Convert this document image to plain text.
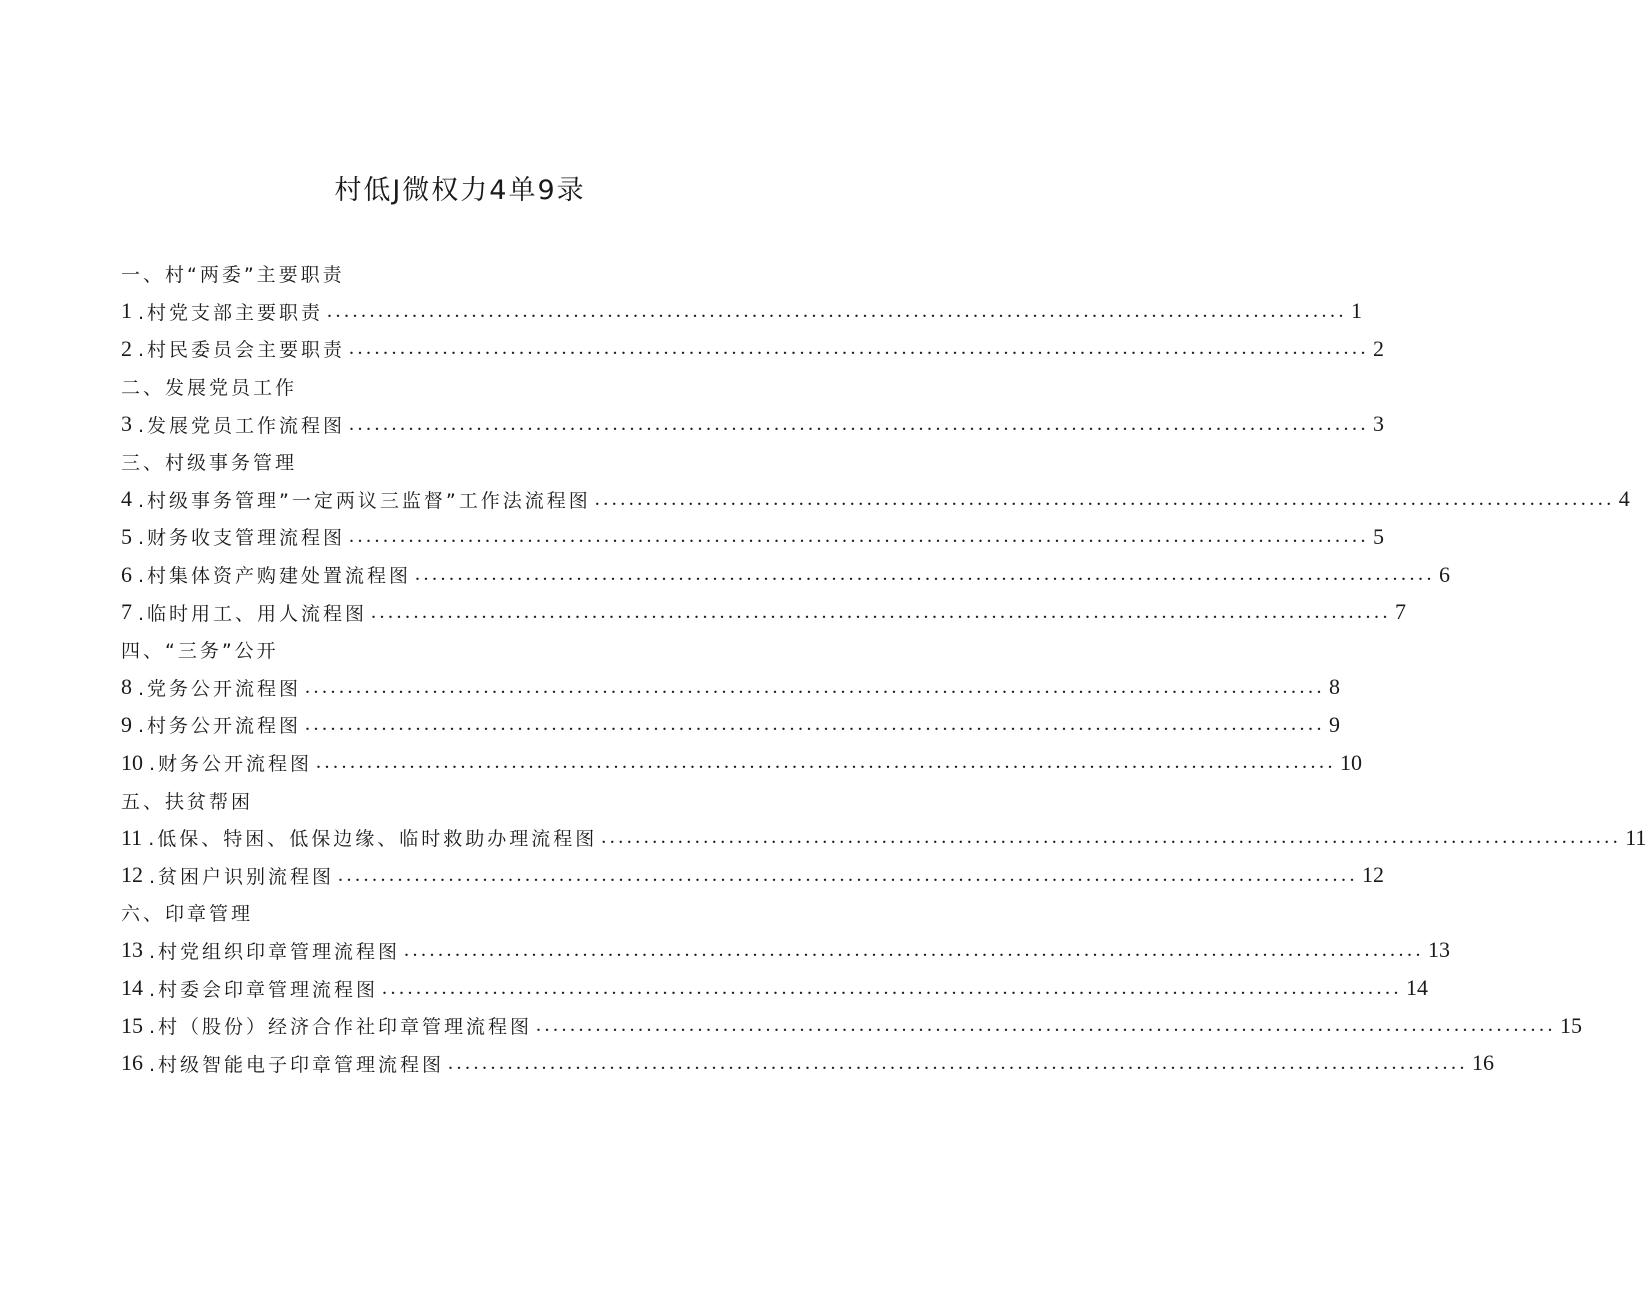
村低J微权力4单9录
一、村“两委”主要职责
1 .村党支部主要职责 ........................................................................................................................ 1
2 .村民委员会主要职责 ........................................................................................................................ 2
二、发展党员工作
3 .发展党员工作流程图 ........................................................................................................................ 3
三、村级事务管理
4 .村级事务管理”一定两议三监督”工作法流程图 ........................................................................................................................ 4
5 .财务收支管理流程图 ........................................................................................................................ 5
6 .村集体资产购建处置流程图 ........................................................................................................................ 6
7 .临时用工、用人流程图 ........................................................................................................................ 7
四、“三务”公开
8 .党务公开流程图 ........................................................................................................................ 8
9 .村务公开流程图 ........................................................................................................................ 9
10 .财务公开流程图 ........................................................................................................................ 10
五、扶贫帮困
11 .低保、特困、低保边缘、临时救助办理流程图 ........................................................................................................................ 11
12 .贫困户识别流程图 ........................................................................................................................ 12
六、印章管理
13 .村党组织印章管理流程图 ........................................................................................................................ 13
14 .村委会印章管理流程图 ........................................................................................................................ 14
15 .村（股份）经济合作社印章管理流程图 ........................................................................................................................ 15
16 .村级智能电子印章管理流程图 ........................................................................................................................ 16
